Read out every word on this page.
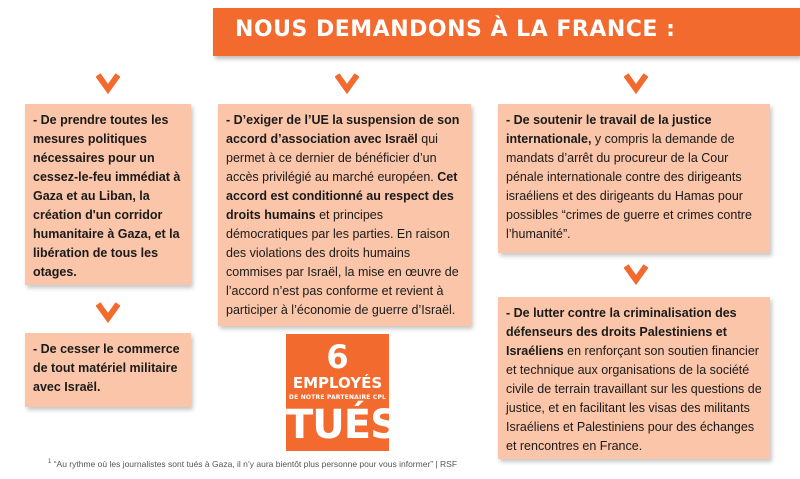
NOUS DEMANDONS À LA FRANCE :
- De prendre toutes les mesures politiques nécessaires pour un cessez-le-feu immédiat à Gaza et au Liban, la création d'un corridor humanitaire à Gaza, et la libération de tous les otages.
- De cesser le commerce de tout matériel militaire avec Israël.
- D’exiger de l’UE la suspension de son accord d’association avec Israël qui permet à ce dernier de bénéficier d’un accès privilégié au marché européen. Cet accord est conditionné au respect des droits humains et principes démocratiques par les parties. En raison des violations des droits humains commises par Israël, la mise en œuvre de l’accord n’est pas conforme et revient à participer à l’économie de guerre d’Israël.
6
EMPLOYÉS
DE NOTRE PARTENAIRE CPL
TUÉS
- De soutenir le travail de la justice internationale, y compris la demande de mandats d’arrêt du procureur de la Cour pénale internationale contre des dirigeants israéliens et des dirigeants du Hamas pour possibles “crimes de guerre et crimes contre l’humanité”.
- De lutter contre la criminalisation des défenseurs des droits Palestiniens et Israéliens en renforçant son soutien financier et technique aux organisations de la société civile de terrain travaillant sur les questions de justice, et en facilitant les visas des militants Israéliens et Palestiniens pour des échanges et rencontres en France.
$^1$ “Au rythme où les journalistes sont tués à Gaza, il n’y aura bientôt plus personne pour vous informer” | RSF
